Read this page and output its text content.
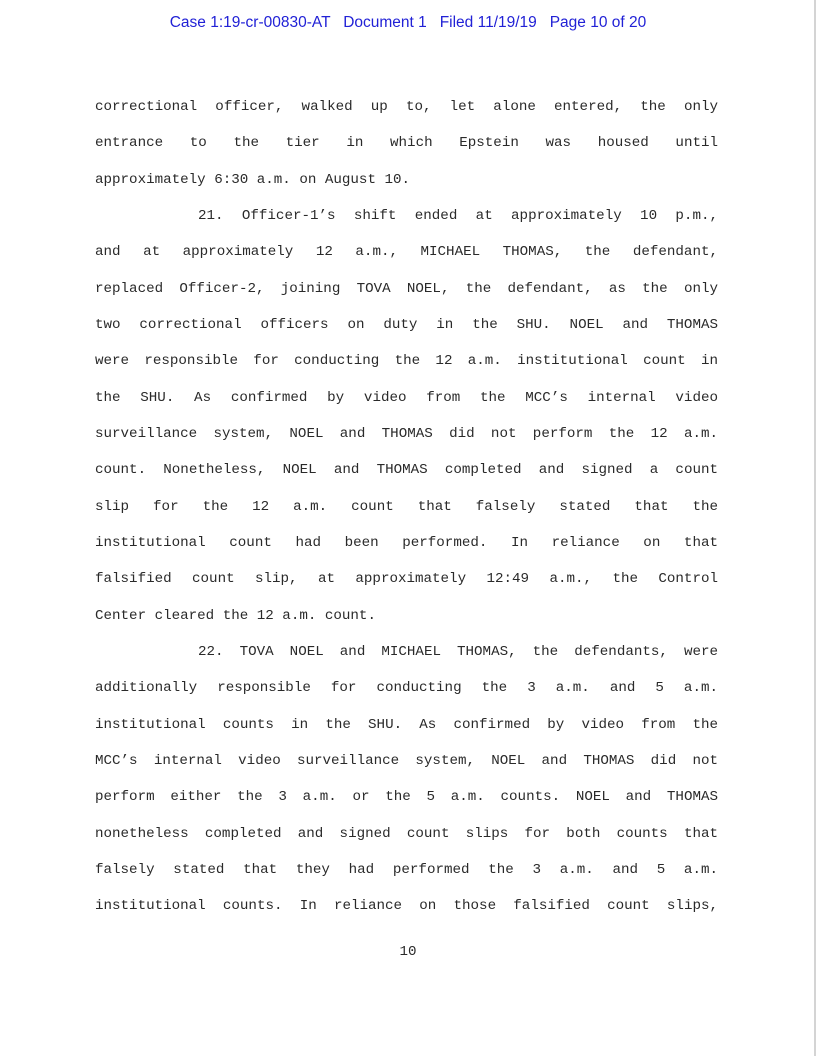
Case 1:19-cr-00830-AT Document 1 Filed 11/19/19 Page 10 of 20
correctional officer, walked up to, let alone entered, the only
entrance to the tier in which Epstein was housed until
approximately 6:30 a.m. on August 10.
21. Officer-1’s shift ended at approximately 10 p.m.,
and at approximately 12 a.m., MICHAEL THOMAS, the defendant,
replaced Officer-2, joining TOVA NOEL, the defendant, as the only
two correctional officers on duty in the SHU. NOEL and THOMAS
were responsible for conducting the 12 a.m. institutional count in
the SHU. As confirmed by video from the MCC’s internal video
surveillance system, NOEL and THOMAS did not perform the 12 a.m.
count. Nonetheless, NOEL and THOMAS completed and signed a count
slip for the 12 a.m. count that falsely stated that the
institutional count had been performed. In reliance on that
falsified count slip, at approximately 12:49 a.m., the Control
Center cleared the 12 a.m. count.
22. TOVA NOEL and MICHAEL THOMAS, the defendants, were
additionally responsible for conducting the 3 a.m. and 5 a.m.
institutional counts in the SHU. As confirmed by video from the
MCC’s internal video surveillance system, NOEL and THOMAS did not
perform either the 3 a.m. or the 5 a.m. counts. NOEL and THOMAS
nonetheless completed and signed count slips for both counts that
falsely stated that they had performed the 3 a.m. and 5 a.m.
institutional counts. In reliance on those falsified count slips,
10
